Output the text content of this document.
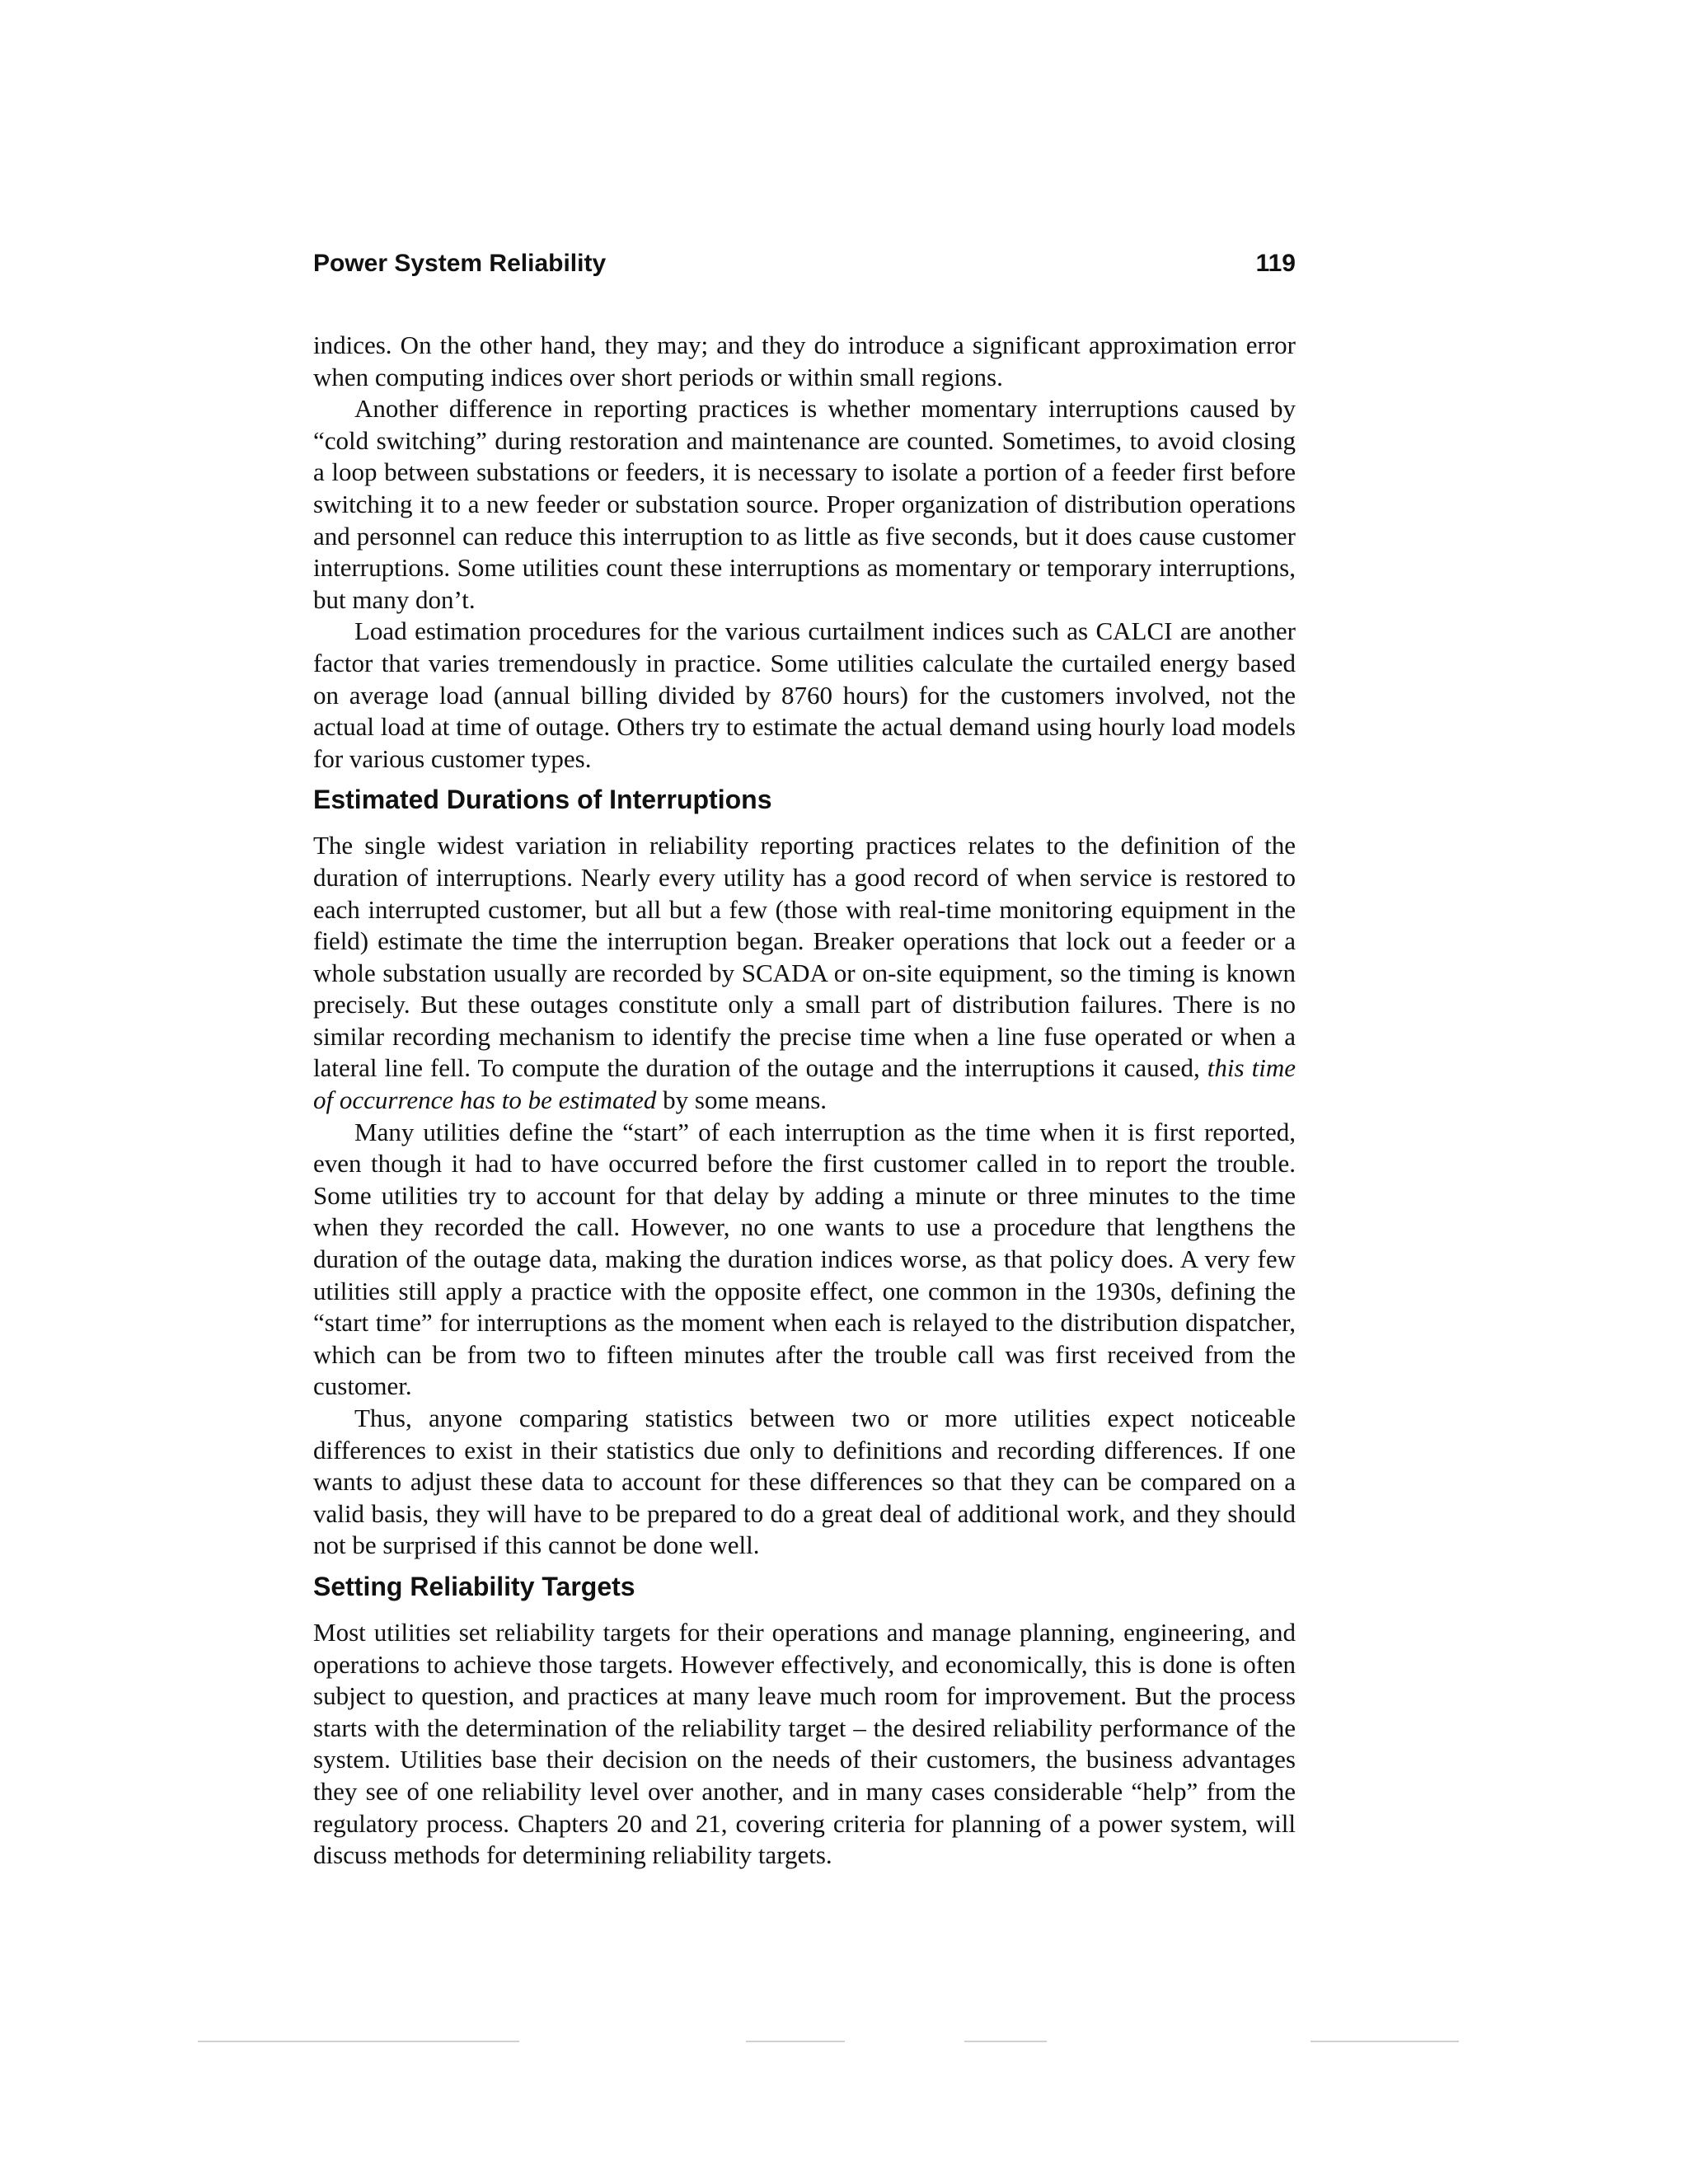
Power System Reliability	119

indices. On the other hand, they may; and they do introduce a significant approximation error when computing indices over short periods or within small regions.

Another difference in reporting practices is whether momentary interruptions caused by “cold switching” during restoration and maintenance are counted. Sometimes, to avoid closing a loop between substations or feeders, it is necessary to isolate a portion of a feeder first before switching it to a new feeder or substation source. Proper organization of distribution operations and personnel can reduce this interruption to as little as five seconds, but it does cause customer interruptions. Some utilities count these interruptions as momentary or temporary interruptions, but many don’t.

Load estimation procedures for the various curtailment indices such as CALCI are another factor that varies tremendously in practice. Some utilities calculate the curtailed energy based on average load (annual billing divided by 8760 hours) for the customers involved, not the actual load at time of outage. Others try to estimate the actual demand using hourly load models for various customer types.

Estimated Durations of Interruptions

The single widest variation in reliability reporting practices relates to the definition of the duration of interruptions. Nearly every utility has a good record of when service is restored to each interrupted customer, but all but a few (those with real-time monitoring equipment in the field) estimate the time the interruption began. Breaker operations that lock out a feeder or a whole substation usually are recorded by SCADA or on-site equipment, so the timing is known precisely. But these outages constitute only a small part of distribution failures. There is no similar recording mechanism to identify the precise time when a line fuse operated or when a lateral line fell. To compute the duration of the outage and the interruptions it caused, this time of occurrence has to be estimated by some means.

Many utilities define the “start” of each interruption as the time when it is first reported, even though it had to have occurred before the first customer called in to report the trouble. Some utilities try to account for that delay by adding a minute or three minutes to the time when they recorded the call. However, no one wants to use a procedure that lengthens the duration of the outage data, making the duration indices worse, as that policy does. A very few utilities still apply a practice with the opposite effect, one common in the 1930s, defining the “start time” for interruptions as the moment when each is relayed to the distribution dispatcher, which can be from two to fifteen minutes after the trouble call was first received from the customer.

Thus, anyone comparing statistics between two or more utilities expect noticeable differences to exist in their statistics due only to definitions and recording differences. If one wants to adjust these data to account for these differences so that they can be compared on a valid basis, they will have to be prepared to do a great deal of additional work, and they should not be surprised if this cannot be done well.

Setting Reliability Targets

Most utilities set reliability targets for their operations and manage planning, engineering, and operations to achieve those targets. However effectively, and economically, this is done is often subject to question, and practices at many leave much room for improvement. But the process starts with the determination of the reliability target – the desired reliability performance of the system. Utilities base their decision on the needs of their customers, the business advantages they see of one reliability level over another, and in many cases considerable “help” from the regulatory process. Chapters 20 and 21, covering criteria for planning of a power system, will discuss methods for determining reliability targets.
